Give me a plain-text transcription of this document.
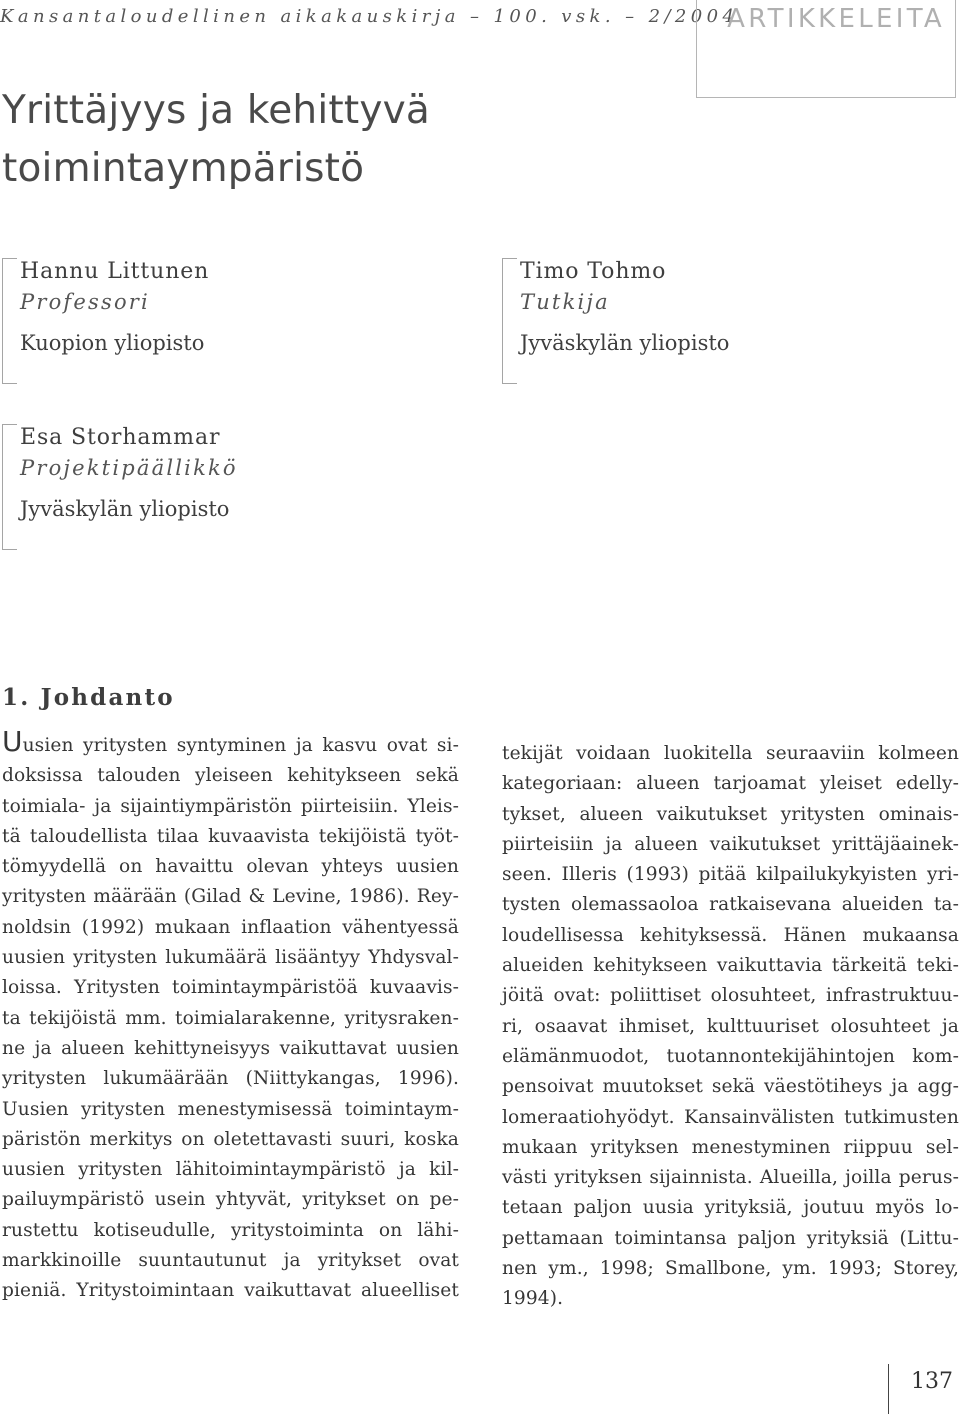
Kansantaloudellinen aikakauskirja – 100. vsk. – 2/2004
ARTIKKELEITA
Yrittäjyys ja kehittyvä
toimintaympäristö
Hannu Littunen
Professori
Kuopion yliopisto
Timo Tohmo
Tutkija
Jyväskylän yliopisto
Esa Storhammar
Projektipäällikkö
Jyväskylän yliopisto
1. Johdanto
Uusien yritysten syntyminen ja kasvu ovat si-
doksissa talouden yleiseen kehitykseen sekä
toimiala- ja sijaintiympäristön piirteisiin. Yleis-
tä taloudellista tilaa kuvaavista tekijöistä työt-
tömyydellä on havaittu olevan yhteys uusien
yritysten määrään (Gilad & Levine, 1986). Rey-
noldsin (1992) mukaan inflaation vähentyessä
uusien yritysten lukumäärä lisääntyy Yhdysval-
loissa. Yritysten toimintaympäristöä kuvaavis-
ta tekijöistä mm. toimialarakenne, yritysraken-
ne ja alueen kehittyneisyys vaikuttavat uusien
yritysten lukumäärään (Niittykangas, 1996).
Uusien yritysten menestymisessä toimintaym-
päristön merkitys on oletettavasti suuri, koska
uusien yritysten lähitoimintaympäristö ja kil-
pailuympäristö usein yhtyvät, yritykset on pe-
rustettu kotiseudulle, yritystoiminta on lähi-
markkinoille suuntautunut ja yritykset ovat
pieniä. Yritystoimintaan vaikuttavat alueelliset
tekijät voidaan luokitella seuraaviin kolmeen
kategoriaan: alueen tarjoamat yleiset edelly-
tykset, alueen vaikutukset yritysten ominais-
piirteisiin ja alueen vaikutukset yrittäjäainek-
seen. Illeris (1993) pitää kilpailukykyisten yri-
tysten olemassaoloa ratkaisevana alueiden ta-
loudellisessa kehityksessä. Hänen mukaansa
alueiden kehitykseen vaikuttavia tärkeitä teki-
jöitä ovat: poliittiset olosuhteet, infrastruktuu-
ri, osaavat ihmiset, kulttuuriset olosuhteet ja
elämänmuodot, tuotannontekijähintojen kom-
pensoivat muutokset sekä väestötiheys ja agg-
lomeraatiohyödyt. Kansainvälisten tutkimusten
mukaan yrityksen menestyminen riippuu sel-
västi yrityksen sijainnista. Alueilla, joilla perus-
tetaan paljon uusia yrityksiä, joutuu myös lo-
pettamaan toimintansa paljon yrityksiä (Littu-
nen ym., 1998; Smallbone, ym. 1993; Storey,
1994).
137
